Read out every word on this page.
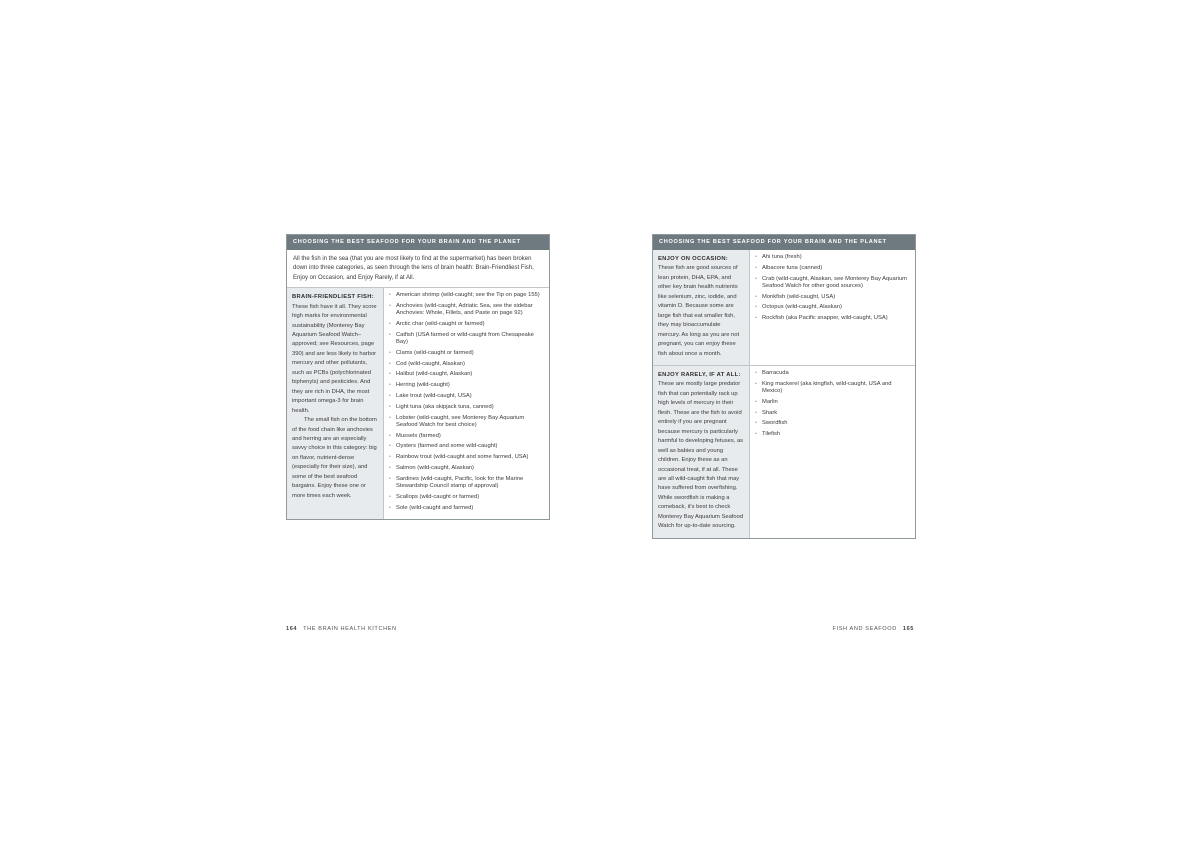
CHOOSING THE BEST SEAFOOD FOR YOUR BRAIN AND THE PLANET
All the fish in the sea (that you are most likely to find at the supermarket) has been broken down into three categories, as seen through the lens of brain health: Brain-Friendliest Fish, Enjoy on Occasion, and Enjoy Rarely, if at All.

BRAIN-FRIENDLIEST FISH: These fish have it all. They score high marks for environmental sustainability (Monterey Bay Aquarium Seafood Watch–approved; see Resources, page 390) and are less likely to harbor mercury and other pollutants, such as PCBs (polychlorinated biphenyls) and pesticides. And they are rich in DHA, the most important omega-3 for brain health.

The small fish on the bottom of the food chain like anchovies and herring are an especially savvy choice in this category: big on flavor, nutrient-dense (especially for their size), and some of the best seafood bargains. Enjoy these one or more times each week.

• American shrimp (wild-caught; see the Tip on page 155)
• Anchovies (wild-caught, Adriatic Sea, see the sidebar Anchovies: Whole, Fillets, and Paste on page 92)
• Arctic char (wild-caught or farmed)
• Catfish (USA farmed or wild-caught from Chesapeake Bay)
• Clams (wild-caught or farmed)
• Cod (wild-caught, Alaskan)
• Halibut (wild-caught, Alaskan)
• Herring (wild-caught)
• Lake trout (wild-caught, USA)
• Light tuna (aka skipjack tuna, canned)
• Lobster (wild-caught, see Monterey Bay Aquarium Seafood Watch for best choice)
• Mussels (farmed)
• Oysters (farmed and some wild-caught)
• Rainbow trout (wild-caught and some farmed, USA)
• Salmon (wild-caught, Alaskan)
• Sardines (wild-caught, Pacific, look for the Marine Stewardship Council stamp of approval)
• Scallops (wild-caught or farmed)
• Sole (wild-caught and farmed)
164 THE BRAIN HEALTH KITCHEN
CHOOSING THE BEST SEAFOOD FOR YOUR BRAIN AND THE PLANET

ENJOY ON OCCASION: These fish are good sources of lean protein, DHA, EPA, and other key brain health nutrients like selenium, zinc, iodide, and vitamin D. Because some are large fish that eat smaller fish, they may bioaccumulate mercury. As long as you are not pregnant, you can enjoy these fish about once a month.

• Ahi tuna (fresh)
• Albacore tuna (canned)
• Crab (wild-caught, Alaskan, see Monterey Bay Aquarium Seafood Watch for other good sources)
• Monkfish (wild-caught, USA)
• Octopus (wild-caught, Alaskan)
• Rockfish (aka Pacific snapper, wild-caught, USA)

ENJOY RARELY, IF AT ALL: These are mostly large predator fish that can potentially rack up high levels of mercury in their flesh. These are the fish to avoid entirely if you are pregnant because mercury is particularly harmful to developing fetuses, as well as babies and young children. Enjoy these as an occasional treat, if at all. These are all wild-caught fish that may have suffered from overfishing. While swordfish is making a comeback, it's best to check Monterey Bay Aquarium Seafood Watch for up-to-date sourcing.

• Barracuda
• King mackerel (aka kingfish, wild-caught, USA and Mexico)
• Marlin
• Shark
• Swordfish
• Tilefish
FISH AND SEAFOOD 165
